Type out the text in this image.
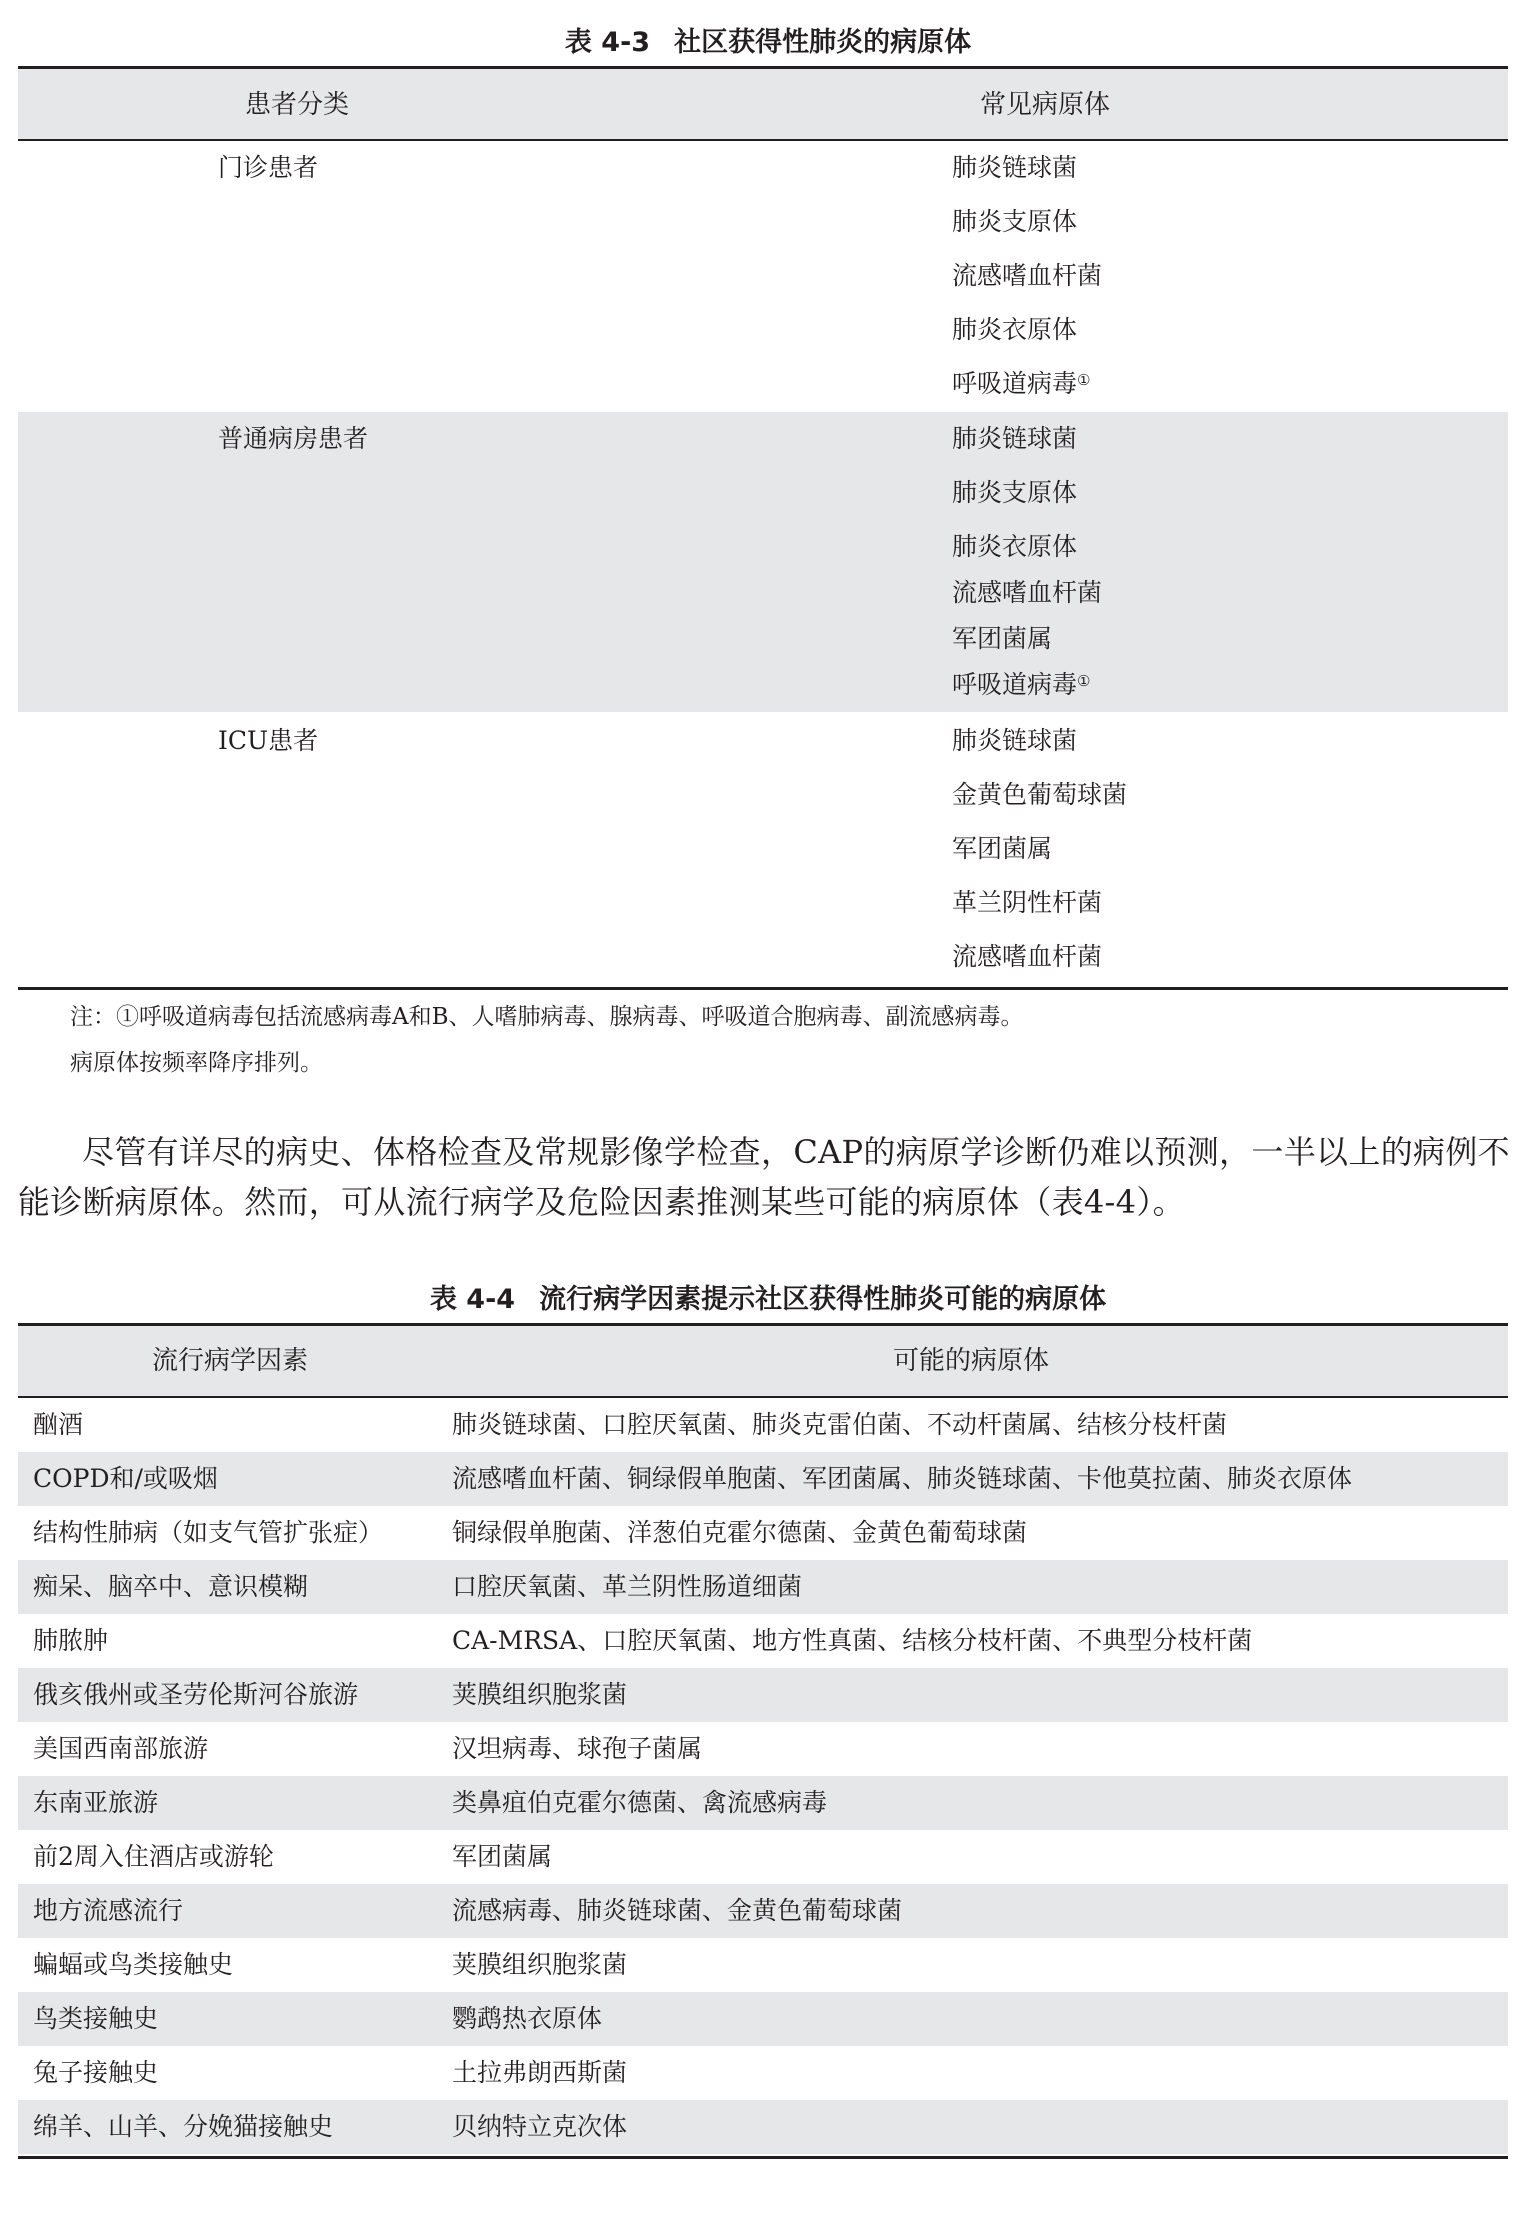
表 4-3 社区获得性肺炎的病原体
患者分类	常见病原体
门诊患者	肺炎链球菌
肺炎支原体
流感嗜血杆菌
肺炎衣原体
呼吸道病毒①
普通病房患者	肺炎链球菌
肺炎支原体
肺炎衣原体
流感嗜血杆菌
军团菌属
呼吸道病毒①
ICU患者	肺炎链球菌
金黄色葡萄球菌
军团菌属
革兰阴性杆菌
流感嗜血杆菌
注：①呼吸道病毒包括流感病毒A和B、人嗜肺病毒、腺病毒、呼吸道合胞病毒、副流感病毒。
病原体按频率降序排列。
尽管有详尽的病史、体格检查及常规影像学检查，CAP的病原学诊断仍难以预测，一半以上的病例不能诊断病原体。然而，可从流行病学及危险因素推测某些可能的病原体（表4-4）。
表 4-4 流行病学因素提示社区获得性肺炎可能的病原体
流行病学因素	可能的病原体
酗酒	肺炎链球菌、口腔厌氧菌、肺炎克雷伯菌、不动杆菌属、结核分枝杆菌
COPD和/或吸烟	流感嗜血杆菌、铜绿假单胞菌、军团菌属、肺炎链球菌、卡他莫拉菌、肺炎衣原体
结构性肺病（如支气管扩张症）	铜绿假单胞菌、洋葱伯克霍尔德菌、金黄色葡萄球菌
痴呆、脑卒中、意识模糊	口腔厌氧菌、革兰阴性肠道细菌
肺脓肿	CA-MRSA、口腔厌氧菌、地方性真菌、结核分枝杆菌、不典型分枝杆菌
俄亥俄州或圣劳伦斯河谷旅游	荚膜组织胞浆菌
美国西南部旅游	汉坦病毒、球孢子菌属
东南亚旅游	类鼻疽伯克霍尔德菌、禽流感病毒
前2周入住酒店或游轮	军团菌属
地方流感流行	流感病毒、肺炎链球菌、金黄色葡萄球菌
蝙蝠或鸟类接触史	荚膜组织胞浆菌
鸟类接触史	鹦鹉热衣原体
兔子接触史	土拉弗朗西斯菌
绵羊、山羊、分娩猫接触史	贝纳特立克次体
